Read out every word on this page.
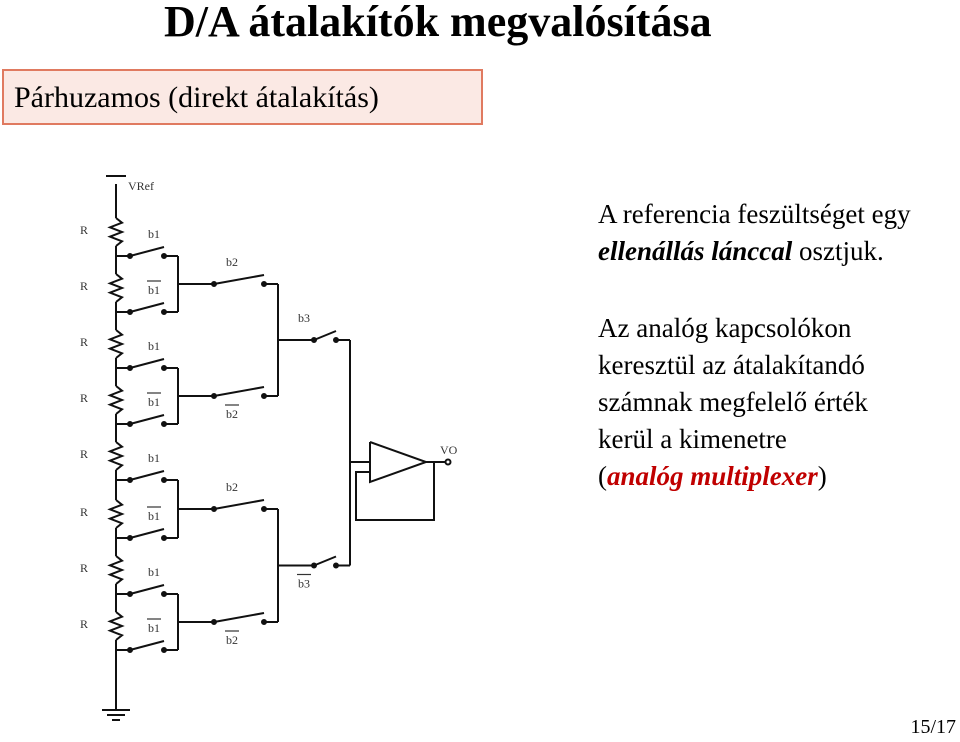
D/A átalakítók megvalósítása
Párhuzamos (direkt átalakítás)
VRef
R
R
R
R
R
R
R
R
b1
b1
b1
b1
b1
b1
b1
b1
b2
b2
b2
b2
b3
b3
VO
A referencia feszültséget egy
ellenállás lánccal osztjuk.
Az analóg kapcsolókon
keresztül az átalakítandó
számnak megfelelő érték
kerül a kimenetre
(analóg multiplexer)
15/17
